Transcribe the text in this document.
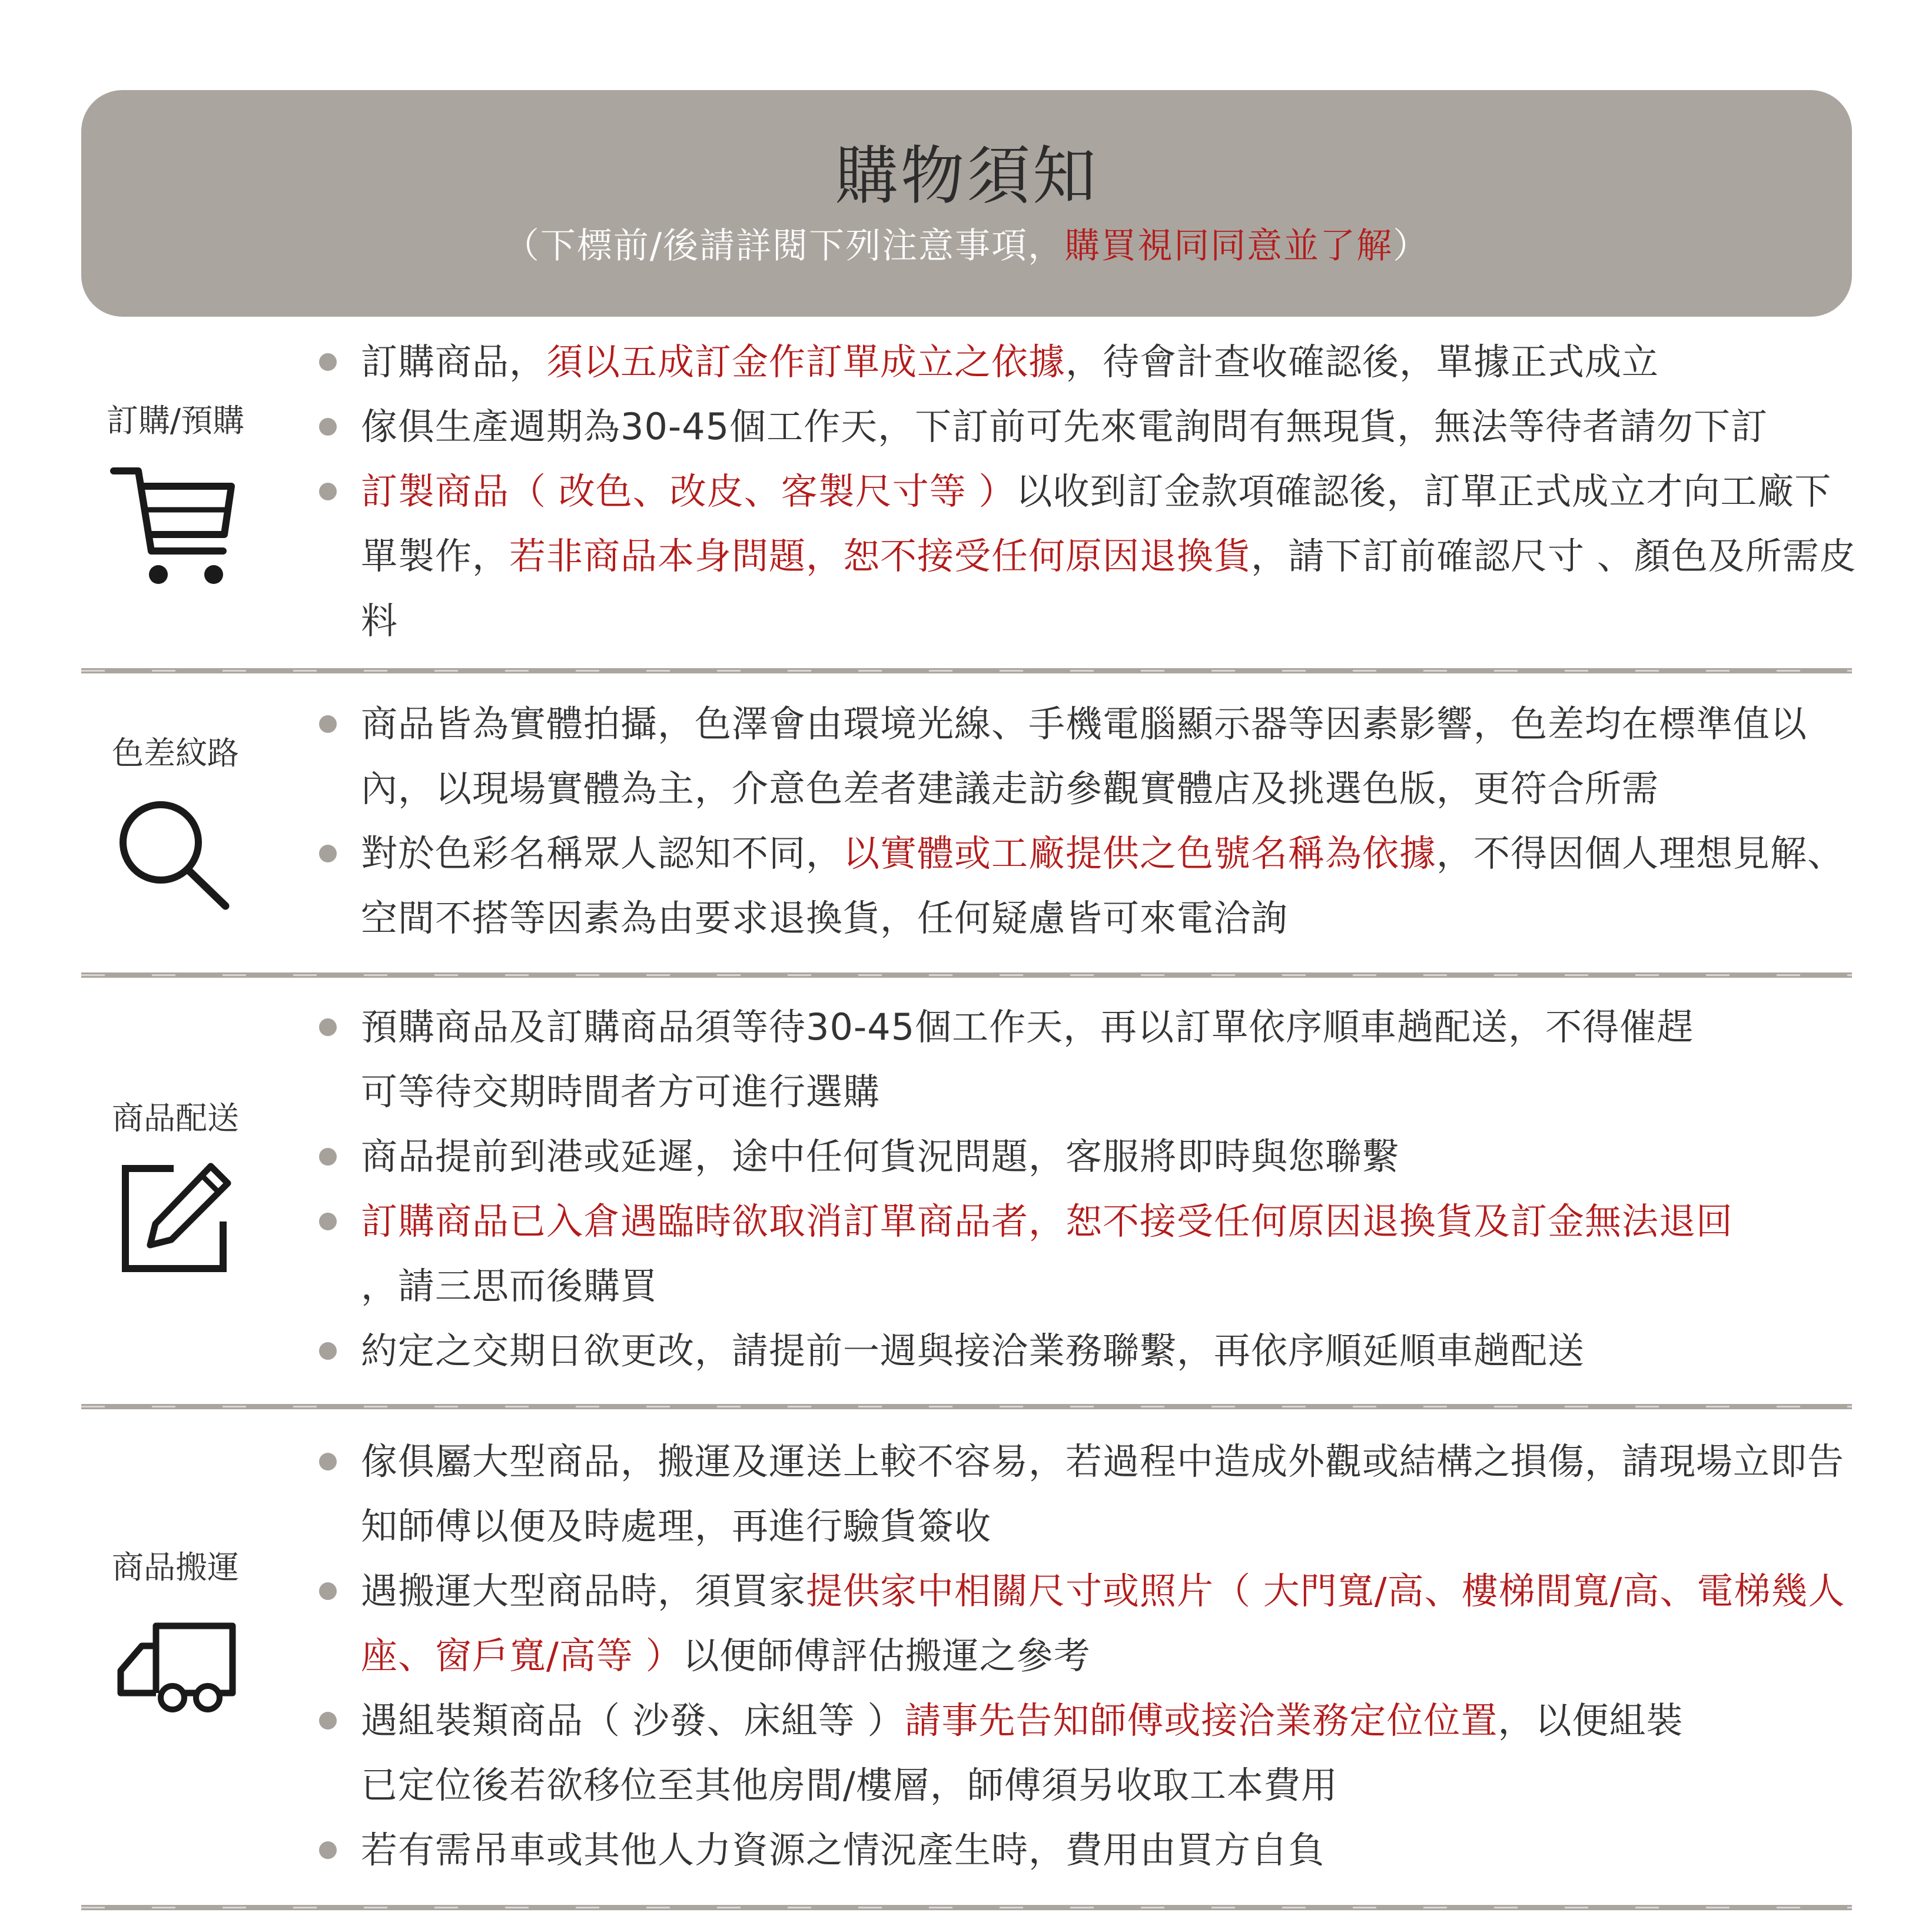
購物須知
（下標前/後請詳閱下列注意事項，購買視同同意並了解）
訂購/預購
訂購商品，須以五成訂金作訂單成立之依據，待會計查收確認後，單據正式成立
傢俱生產週期為30-45個工作天，下訂前可先來電詢問有無現貨，無法等待者請勿下訂
訂製商品（ 改色、改皮、客製尺寸等 ）以收到訂金款項確認後，訂單正式成立才向工廠下單製作，若非商品本身問題，恕不接受任何原因退換貨，請下訂前確認尺寸 、顏色及所需皮料
色差紋路
商品皆為實體拍攝，色澤會由環境光線、手機電腦顯示器等因素影響，色差均在標準值以內，以現場實體為主，介意色差者建議走訪參觀實體店及挑選色版，更符合所需
對於色彩名稱眾人認知不同，以實體或工廠提供之色號名稱為依據，不得因個人理想見解、空間不搭等因素為由要求退換貨，任何疑慮皆可來電洽詢
商品配送
預購商品及訂購商品須等待30-45個工作天，再以訂單依序順車趟配送，不得催趕
可等待交期時間者方可進行選購
商品提前到港或延遲，途中任何貨況問題，客服將即時與您聯繫
訂購商品已入倉遇臨時欲取消訂單商品者，恕不接受任何原因退換貨及訂金無法退回
，請三思而後購買
約定之交期日欲更改，請提前一週與接洽業務聯繫，再依序順延順車趟配送
商品搬運
傢俱屬大型商品，搬運及運送上較不容易，若過程中造成外觀或結構之損傷，請現場立即告知師傅以便及時處理，再進行驗貨簽收
遇搬運大型商品時，須買家提供家中相關尺寸或照片（ 大門寬/高、樓梯間寬/高、電梯幾人座、窗戶寬/高等 ）以便師傅評估搬運之參考
遇組裝類商品（ 沙發、床組等 ）請事先告知師傅或接洽業務定位位置，以便組裝
已定位後若欲移位至其他房間/樓層，師傅須另收取工本費用
若有需吊車或其他人力資源之情況產生時，費用由買方自負
